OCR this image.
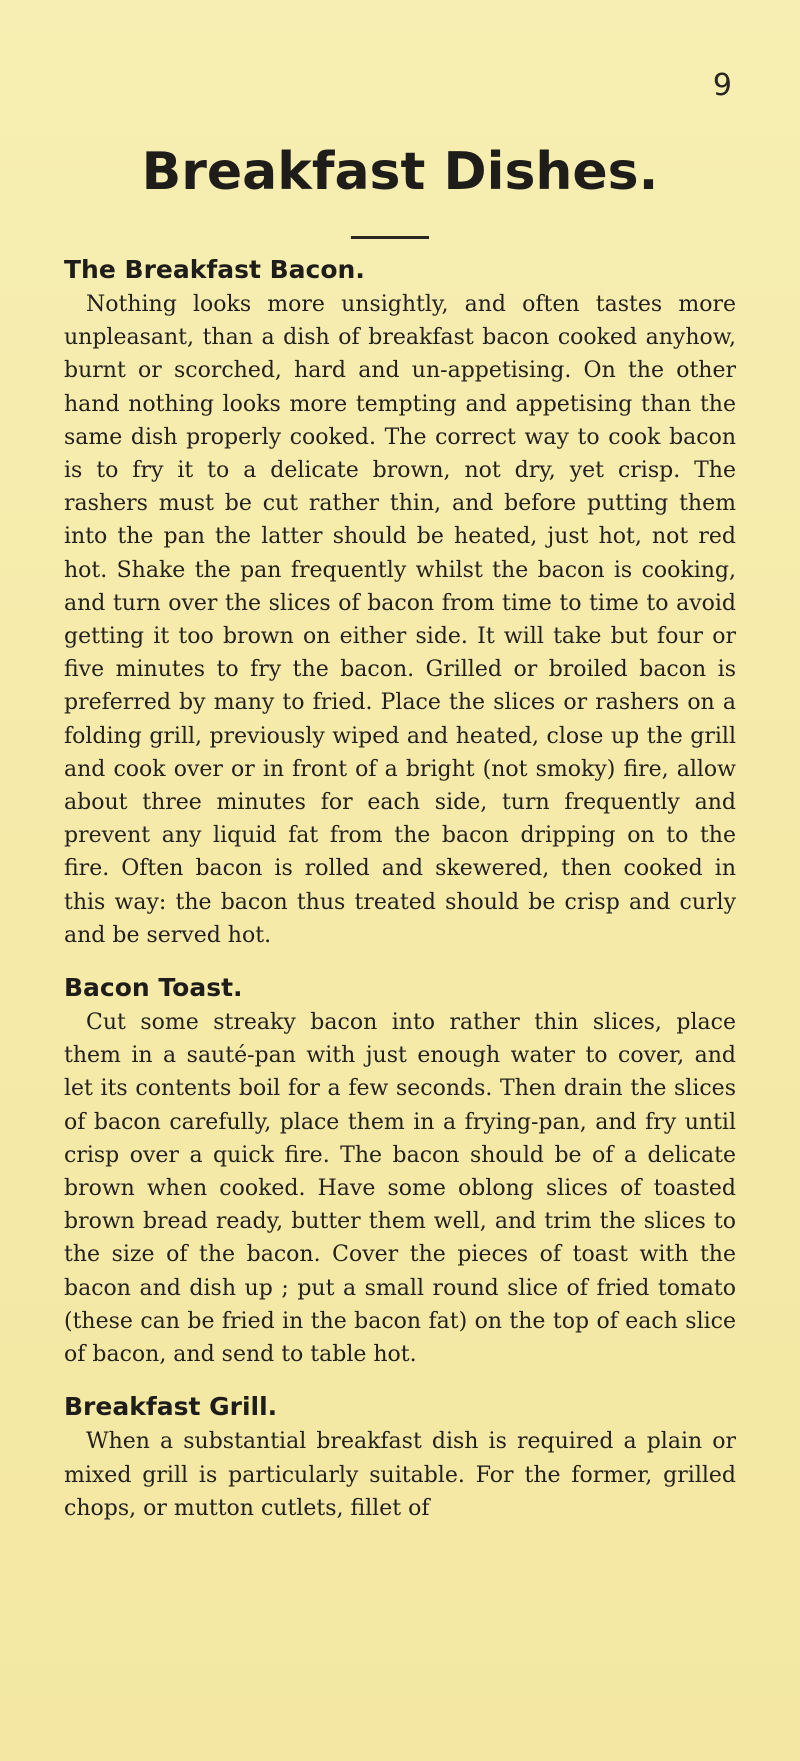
9
Breakfast Dishes.
The Breakfast Bacon.

Nothing looks more unsightly, and often tastes more unpleasant, than a dish of breakfast bacon cooked anyhow, burnt or scorched, hard and un-appetising. On the other hand nothing looks more tempting and appetising than the same dish properly cooked. The correct way to cook bacon is to fry it to a delicate brown, not dry, yet crisp. The rashers must be cut rather thin, and before putting them into the pan the latter should be heated, just hot, not red hot. Shake the pan frequently whilst the bacon is cooking, and turn over the slices of bacon from time to time to avoid getting it too brown on either side. It will take but four or five minutes to fry the bacon. Grilled or broiled bacon is preferred by many to fried. Place the slices or rashers on a folding grill, previously wiped and heated, close up the grill and cook over or in front of a bright (not smoky) fire, allow about three minutes for each side, turn frequently and prevent any liquid fat from the bacon dripping on to the fire. Often bacon is rolled and skewered, then cooked in this way: the bacon thus treated should be crisp and curly and be served hot.

Bacon Toast.

Cut some streaky bacon into rather thin slices, place them in a sauté-pan with just enough water to cover, and let its contents boil for a few seconds. Then drain the slices of bacon carefully, place them in a frying-pan, and fry until crisp over a quick fire. The bacon should be of a delicate brown when cooked. Have some oblong slices of toasted brown bread ready, butter them well, and trim the slices to the size of the bacon. Cover the pieces of toast with the bacon and dish up ; put a small round slice of fried tomato (these can be fried in the bacon fat) on the top of each slice of bacon, and send to table hot.

Breakfast Grill.

When a substantial breakfast dish is required a plain or mixed grill is particularly suitable. For the former, grilled chops, or mutton cutlets, fillet of
